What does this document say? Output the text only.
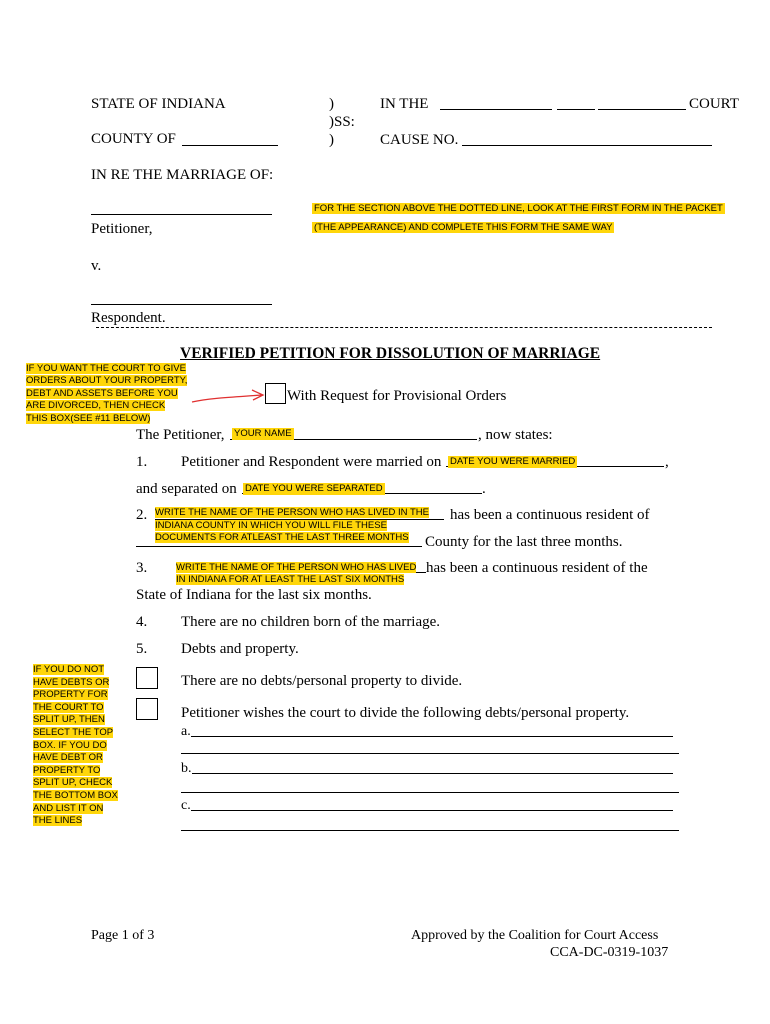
STATE OF INDIANA
COUNTY OF
)
)SS:
)
IN THE	COURT
CAUSE NO.
IN RE THE MARRIAGE OF:
FOR THE SECTION ABOVE THE DOTTED LINE, LOOK AT THE FIRST FORM IN THE PACKET
(THE APPEARANCE) AND COMPLETE THIS FORM THE SAME WAY
Petitioner,
v.
Respondent.
VERIFIED PETITION FOR DISSOLUTION OF MARRIAGE
IF YOU WANT THE COURT TO GIVE
ORDERS ABOUT YOUR PROPERTY,
DEBT AND ASSETS BEFORE YOU
ARE DIVORCED, THEN CHECK
THIS BOX(SEE #11 BELOW)
With Request for Provisional Orders
The Petitioner, YOUR NAME	, now states:
1. Petitioner and Respondent were married on DATE YOU WERE MARRIED	,
and separated on DATE YOU WERE SEPARATED	.
2. WRITE THE NAME OF THE PERSON WHO HAS LIVED IN THE
INDIANA COUNTY IN WHICH YOU WILL FILE THESE
DOCUMENTS FOR ATLEAST THE LAST THREE MONTHS
has been a continuous resident of
County for the last three months.
3.	WRITE THE NAME OF THE PERSON WHO HAS LIVED
IN INDIANA FOR AT LEAST THE LAST SIX MONTHS
has been a continuous resident of the
State of Indiana for the last six months.
4. There are no children born of the marriage.
5. Debts and property.
IF YOU DO NOT
HAVE DEBTS OR
PROPERTY FOR
THE COURT TO
SPLIT UP, THEN
SELECT THE TOP
BOX. IF YOU DO
HAVE DEBT OR
PROPERTY TO
SPLIT UP, CHECK
THE BOTTOM BOX
AND LIST IT ON
THE LINES
There are no debts/personal property to divide.
Petitioner wishes the court to divide the following debts/personal property.
a.
b.
c.
Page 1 of 3	Approved by the Coalition for Court Access
CCA-DC-0319-1037
